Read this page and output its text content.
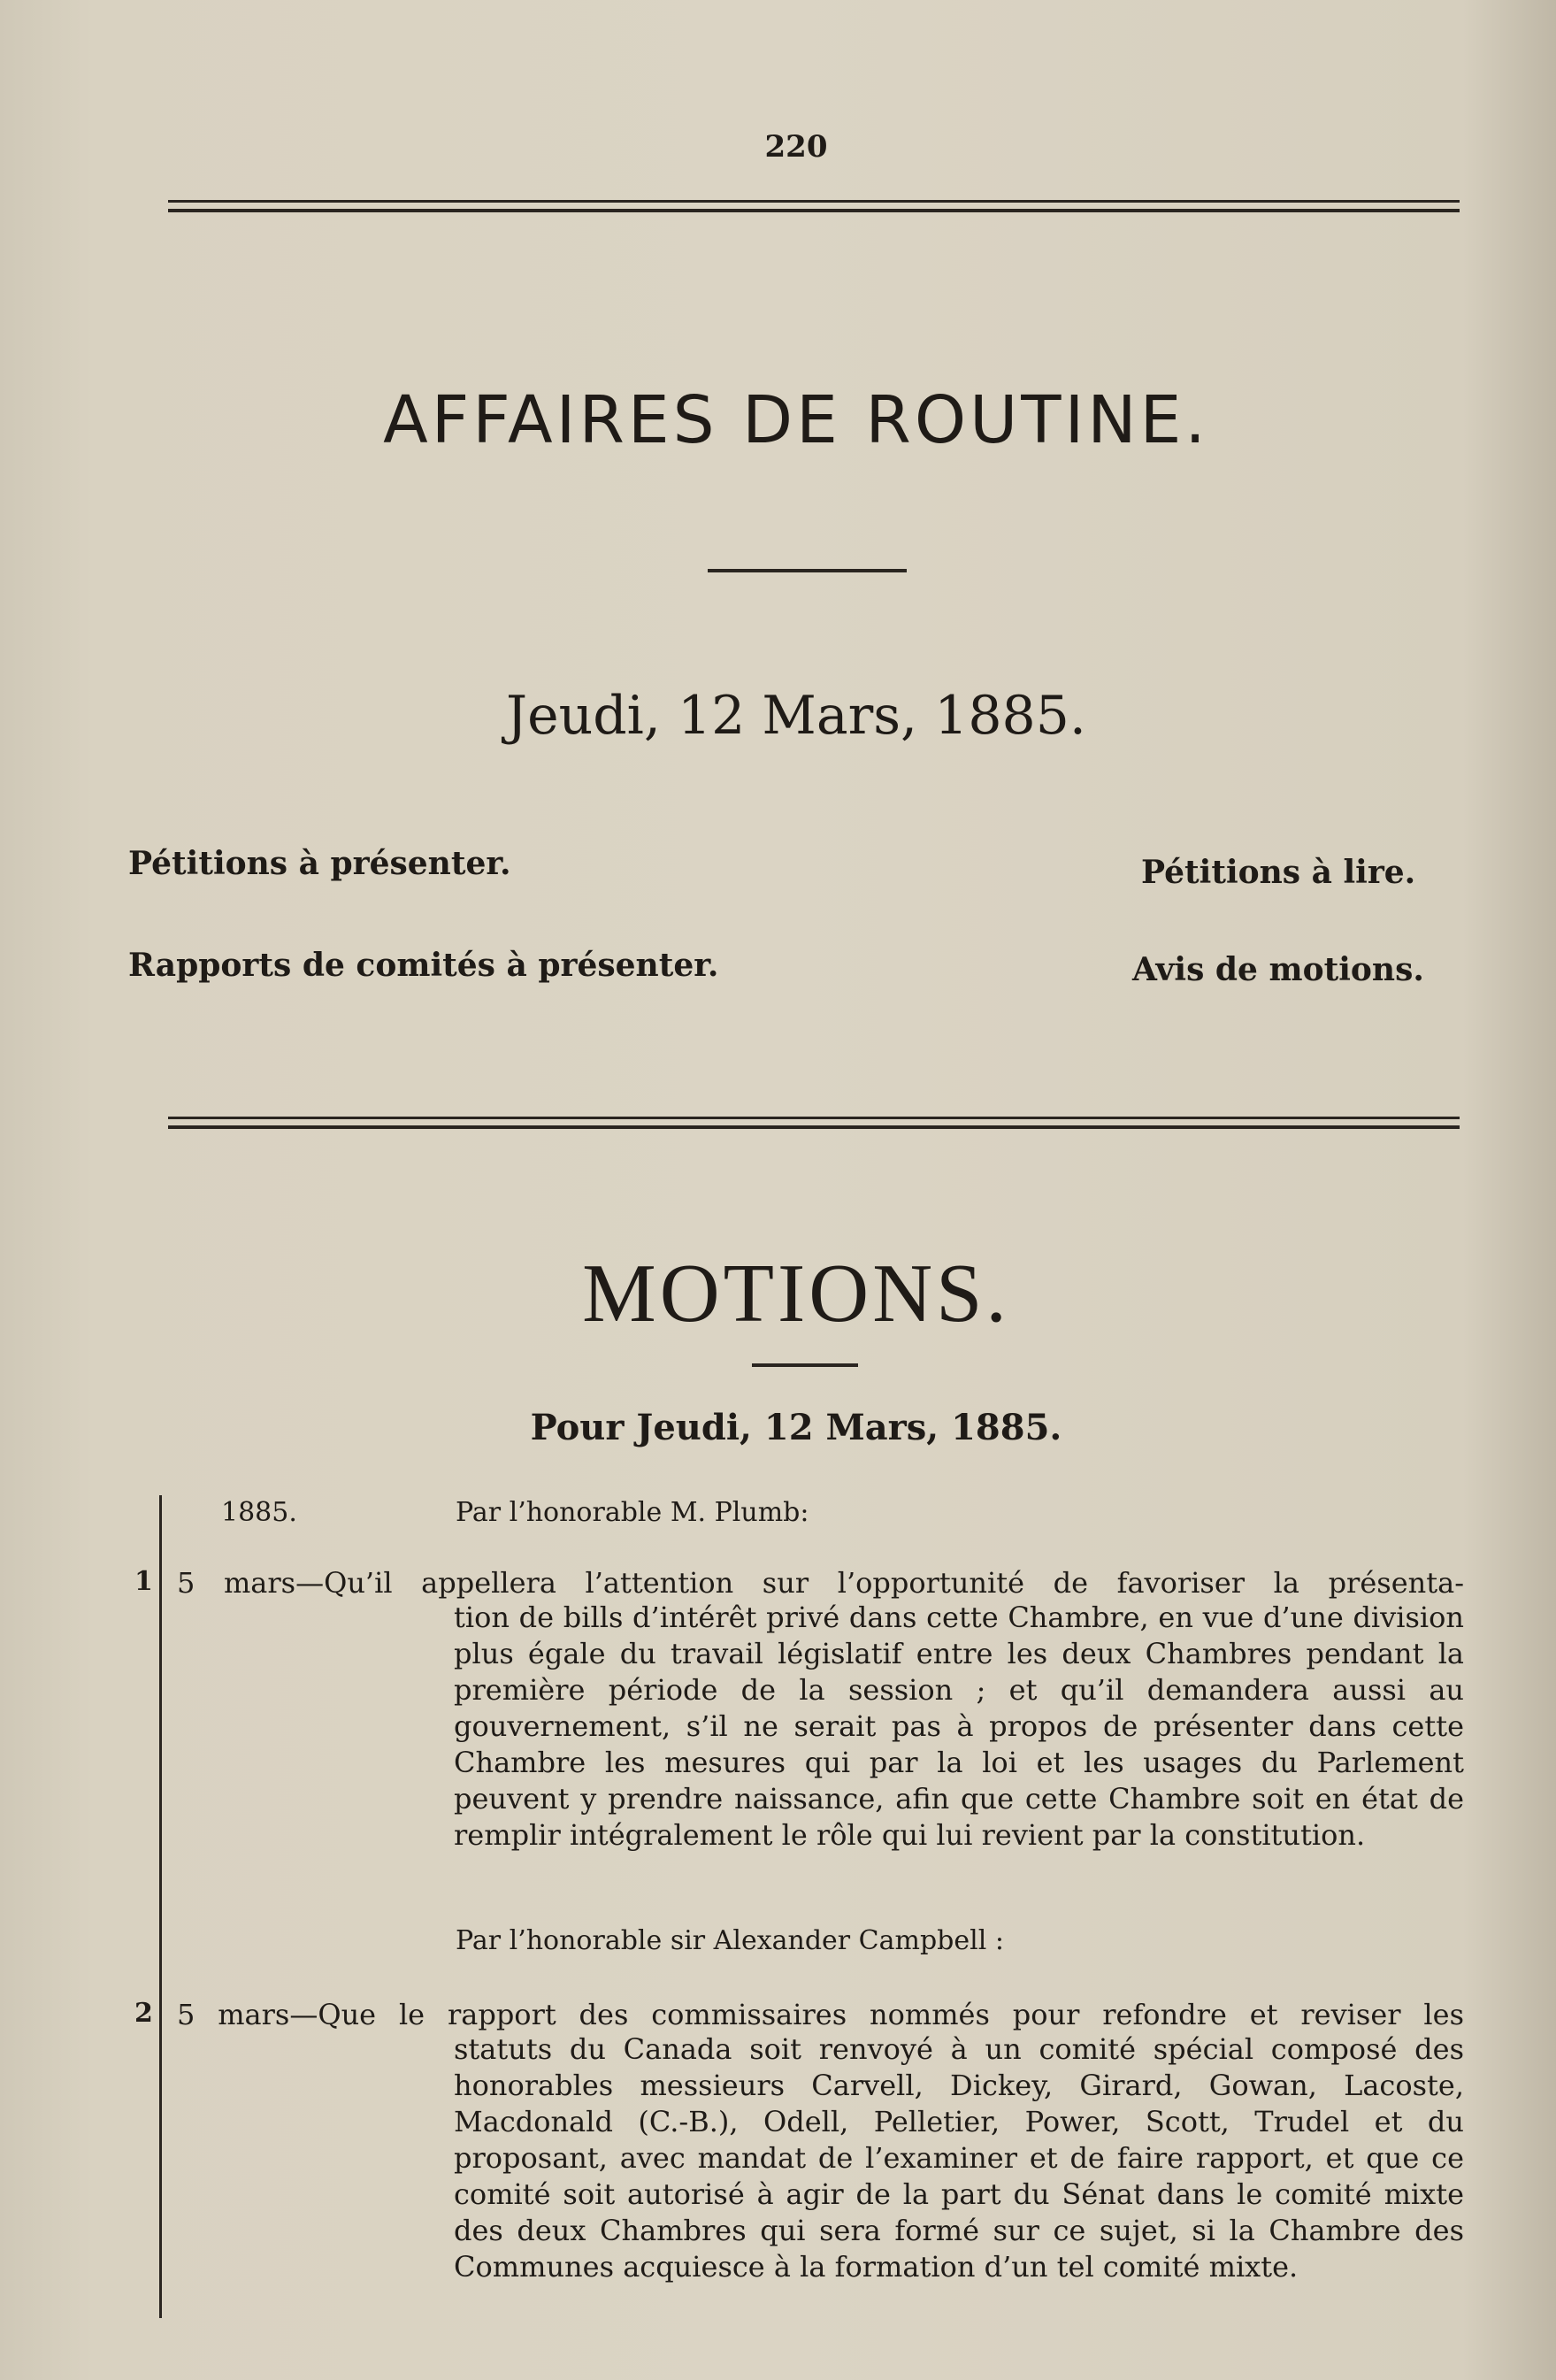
220
AFFAIRES DE ROUTINE.
Jeudi, 12 Mars, 1885.
Pétitions à présenter.	Pétitions à lire.
Rapports de comités à présenter.	Avis de motions.
MOTIONS.
Pour Jeudi, 12 Mars, 1885.
1885.	Par l’honorable M. Plumb:
1 5 mars—Qu’il appellera l’attention sur l’opportunité de favoriser la présenta-
tion de bills d’intérêt privé dans cette Chambre, en vue d’une division plus égale du travail législatif entre les deux Chambres pendant la première période de la session ; et qu’il demandera aussi au gouvernement, s’il ne serait pas à propos de présenter dans cette Chambre les mesures qui par la loi et les usages du Parlement peuvent y prendre naissance, afin que cette Chambre soit en état de remplir intégralement le rôle qui lui revient par la constitution.
Par l’honorable sir Alexander Campbell :
2 5 mars—Que le rapport des commissaires nommés pour refondre et reviser les
statuts du Canada soit renvoyé à un comité spécial composé des honorables messieurs Carvell, Dickey, Girard, Gowan, Lacoste, Macdonald (C.-B.), Odell, Pelletier, Power, Scott, Trudel et du proposant, avec mandat de l’examiner et de faire rapport, et que ce comité soit autorisé à agir de la part du Sénat dans le comité mixte des deux Chambres qui sera formé sur ce sujet, si la Chambre des Communes acquiesce à la formation d’un tel comité mixte.
